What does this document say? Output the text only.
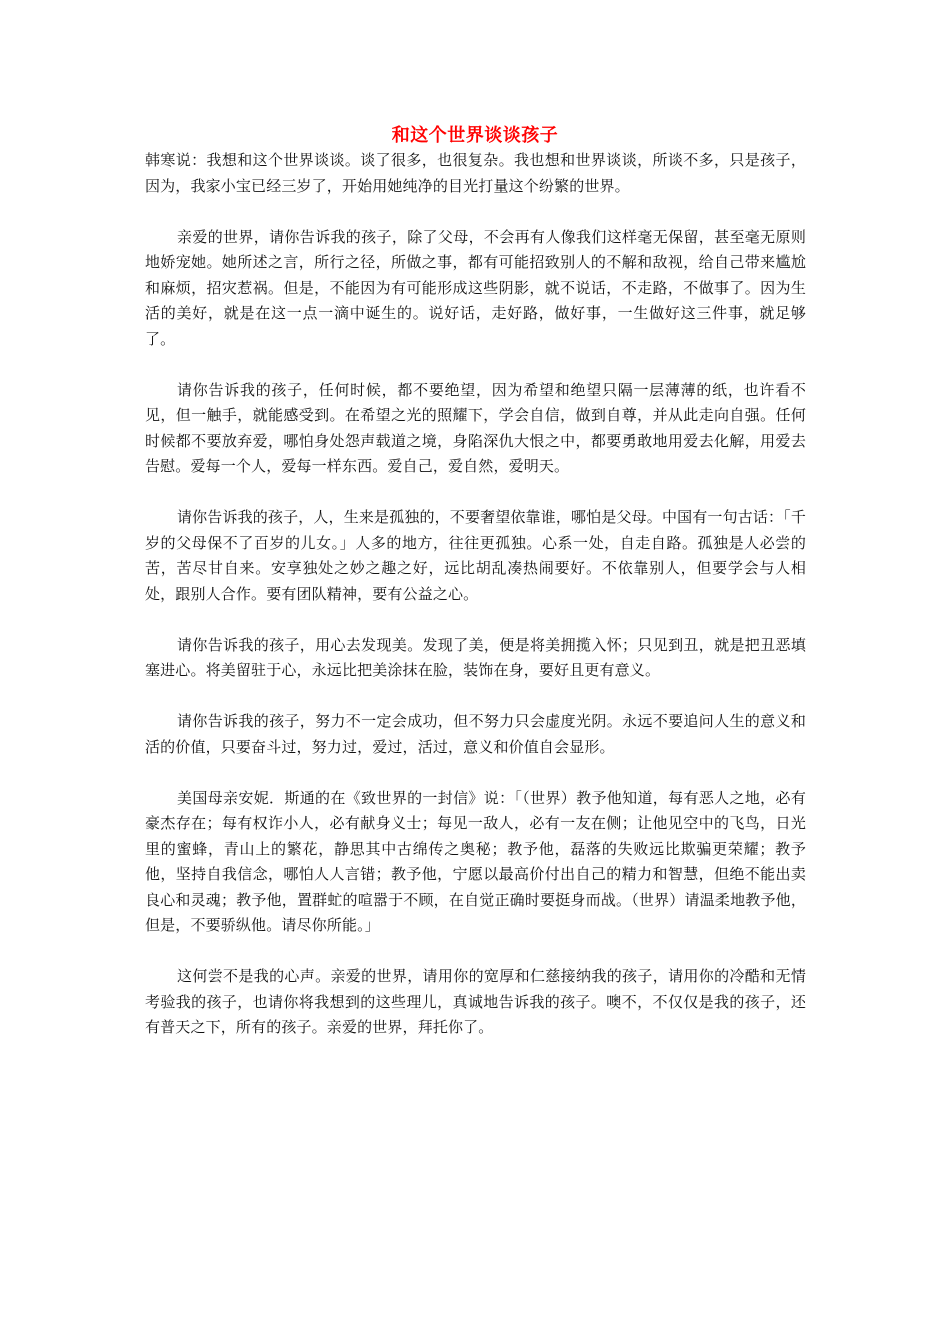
和这个世界谈谈孩子

韩寒说：我想和这个世界谈谈。谈了很多，也很复杂。我也想和世界谈谈，所谈不多，只是孩子，因为，我家小宝已经三岁了，开始用她纯净的目光打量这个纷繁的世界。

亲爱的世界，请你告诉我的孩子，除了父母，不会再有人像我们这样毫无保留，甚至毫无原则地娇宠她。她所述之言，所行之径，所做之事，都有可能招致别人的不解和敌视，给自己带来尴尬和麻烦，招灾惹祸。但是，不能因为有可能形成这些阴影，就不说话，不走路，不做事了。因为生活的美好，就是在这一点一滴中诞生的。说好话，走好路，做好事，一生做好这三件事，就足够了。

请你告诉我的孩子，任何时候，都不要绝望，因为希望和绝望只隔一层薄薄的纸，也许看不见，但一触手，就能感受到。在希望之光的照耀下，学会自信，做到自尊，并从此走向自强。任何时候都不要放弃爱，哪怕身处怨声载道之境，身陷深仇大恨之中，都要勇敢地用爱去化解，用爱去告慰。爱每一个人，爱每一样东西。爱自己，爱自然，爱明天。

请你告诉我的孩子，人，生来是孤独的，不要奢望依靠谁，哪怕是父母。中国有一句古话：「千岁的父母保不了百岁的儿女。」人多的地方，往往更孤独。心系一处，自走自路。孤独是人必尝的苦，苦尽甘自来。安享独处之妙之趣之好，远比胡乱凑热闹要好。不依靠别人，但要学会与人相处，跟别人合作。要有团队精神，要有公益之心。

请你告诉我的孩子，用心去发现美。发现了美，便是将美拥揽入怀；只见到丑，就是把丑恶填塞进心。将美留驻于心，永远比把美涂抹在脸，装饰在身，要好且更有意义。

请你告诉我的孩子，努力不一定会成功，但不努力只会虚度光阴。永远不要追问人生的意义和活的价值，只要奋斗过，努力过，爱过，活过，意义和价值自会显形。

美国母亲安妮．斯通的在《致世界的一封信》说：「（世界）教予他知道，每有恶人之地，必有豪杰存在；每有权诈小人，必有献身义士；每见一敌人，必有一友在侧；让他见空中的飞鸟，日光里的蜜蜂，青山上的繁花，静思其中古绵传之奥秘；教予他，磊落的失败远比欺骗更荣耀；教予他，坚持自我信念，哪怕人人言错；教予他，宁愿以最高价付出自己的精力和智慧，但绝不能出卖良心和灵魂；教予他，置群虻的喧嚣于不顾，在自觉正确时要挺身而战。（世界）请温柔地教予他，但是，不要骄纵他。请尽你所能。」

这何尝不是我的心声。亲爱的世界，请用你的宽厚和仁慈接纳我的孩子，请用你的冷酷和无情考验我的孩子，也请你将我想到的这些理儿，真诚地告诉我的孩子。噢不，不仅仅是我的孩子，还有普天之下，所有的孩子。亲爱的世界，拜托你了。
